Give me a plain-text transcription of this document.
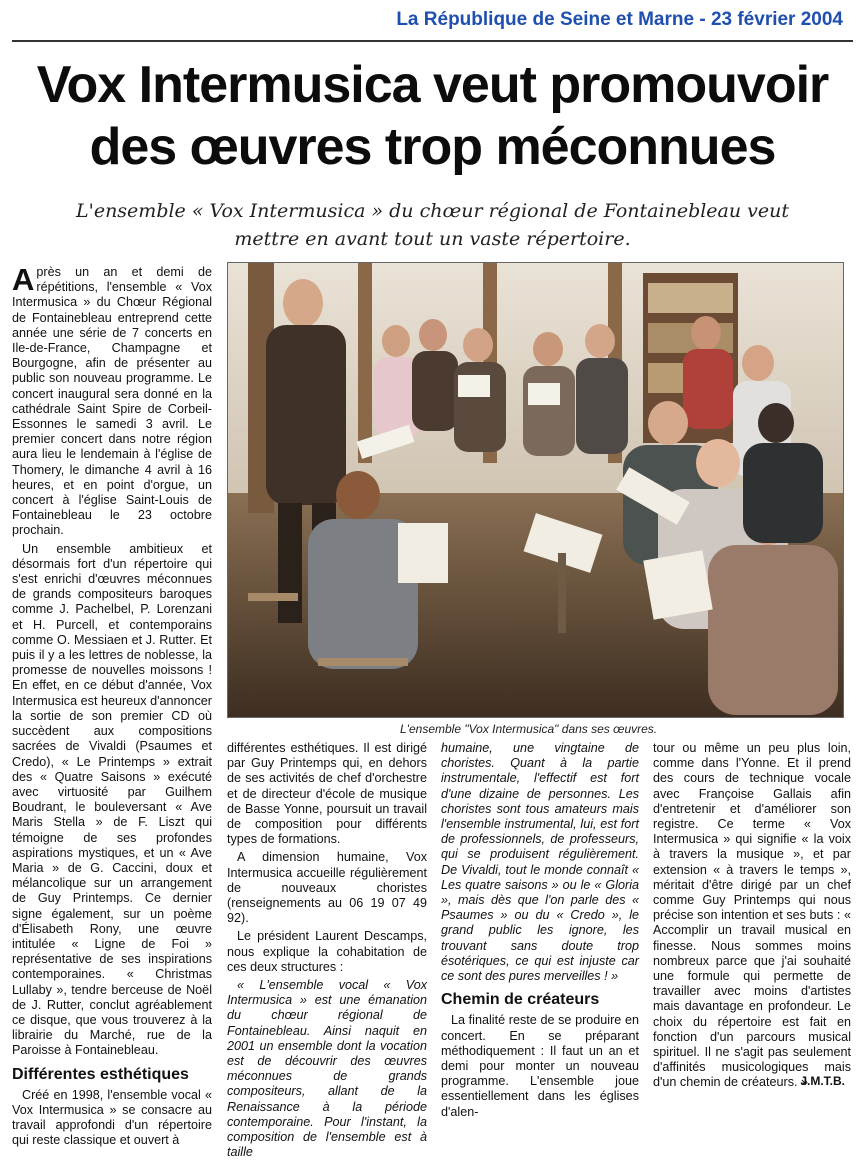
La République de Seine et Marne - 23 février 2004
Vox Intermusica veut promouvoir
des œuvres trop méconnues
L'ensemble « Vox Intermusica » du chœur régional de Fontainebleau veut
mettre en avant tout un vaste répertoire.

Après un an et demi de répétitions, l'ensemble « Vox Intermusica » du Chœur Régional de Fontainebleau entreprend cette année une série de 7 concerts en Ile-de-France, Champagne et Bourgogne, afin de présenter au public son nouveau programme. Le concert inaugural sera donné en la cathédrale Saint Spire de Corbeil-Essonnes le samedi 3 avril. Le premier concert dans notre région aura lieu le lendemain à l'église de Thomery, le dimanche 4 avril à 16 heures, et en point d'orgue, un concert à l'église Saint-Louis de Fontainebleau le 23 octobre prochain.

Un ensemble ambitieux et désormais fort d'un répertoire qui s'est enrichi d'œuvres méconnues de grands compositeurs baroques comme J. Pachelbel, P. Lorenzani et H. Purcell, et contemporains comme O. Messiaen et J. Rutter. Et puis il y a les lettres de noblesse, la promesse de nouvelles moissons ! En effet, en ce début d'année, Vox Intermusica est heureux d'annoncer la sortie de son premier CD où succèdent aux compositions sacrées de Vivaldi (Psaumes et Credo), « Le Printemps » extrait des « Quatre Saisons » exécuté avec virtuosité par Guilhem Boudrant, le bouleversant « Ave Maris Stella » de F. Liszt qui témoigne de ses profondes aspirations mystiques, et un « Ave Maria » de G. Caccini, doux et mélancolique sur un arrangement de Guy Printemps. Ce dernier signe également, sur un poème d'Élisabeth Rony, une œuvre intitulée « Ligne de Foi » représentative de ses inspirations contemporaines. « Christmas Lullaby », tendre berceuse de Noël de J. Rutter, conclut agréablement ce disque, que vous trouverez à la librairie du Marché, rue de la Paroisse à Fontainebleau.

Différentes esthétiques

Créé en 1998, l'ensemble vocal « Vox Intermusica » se consacre au travail approfondi d'un répertoire qui reste classique et ouvert à

L'ensemble "Vox Intermusica" dans ses œuvres.

différentes esthétiques. Il est dirigé par Guy Printemps qui, en dehors de ses activités de chef d'orchestre et de directeur d'école de musique de Basse Yonne, poursuit un travail de composition pour différents types de formations.

A dimension humaine, Vox Intermusica accueille régulièrement de nouveaux choristes (renseignements au 06 19 07 49 92).

Le président Laurent Descamps, nous explique la cohabitation de ces deux structures :

« L'ensemble vocal « Vox Intermusica » est une émanation du chœur régional de Fontainebleau. Ainsi naquit en 2001 un ensemble dont la vocation est de découvrir des œuvres méconnues de grands compositeurs, allant de la Renaissance à la période contemporaine. Pour l'instant, la composition de l'ensemble est à taille

humaine, une vingtaine de choristes. Quant à la partie instrumentale, l'effectif est fort d'une dizaine de personnes. Les choristes sont tous amateurs mais l'ensemble instrumental, lui, est fort de professionnels, de professeurs, qui se produisent régulièrement. De Vivaldi, tout le monde connaît « Les quatre saisons » ou le « Gloria », mais dès que l'on parle des « Psaumes » ou du « Credo », le grand public les ignore, les trouvant sans doute trop ésotériques, ce qui est injuste car ce sont des pures merveilles ! »

Chemin de créateurs

La finalité reste de se produire en concert. En se préparant méthodiquement : Il faut un an et demi pour monter un nouveau programme. L'ensemble joue essentiellement dans les églises d'alen-

tour ou même un peu plus loin, comme dans l'Yonne. Et il prend des cours de technique vocale avec Françoise Gallais afin d'entretenir et d'améliorer son registre. Ce terme « Vox Intermusica » qui signifie « la voix à travers la musique », et par extension « à travers le temps », méritait d'être dirigé par un chef comme Guy Printemps qui nous précise son intention et ses buts : « Accomplir un travail musical en finesse. Nous sommes moins nombreux parce que j'ai souhaité une formule qui permette de travailler avec moins d'artistes mais davantage en profondeur. Le choix du répertoire est fait en fonction d'un parcours musical spirituel. Il ne s'agit pas seulement d'affinités musicologiques mais d'un chemin de créateurs. »

J.M.T.B.
